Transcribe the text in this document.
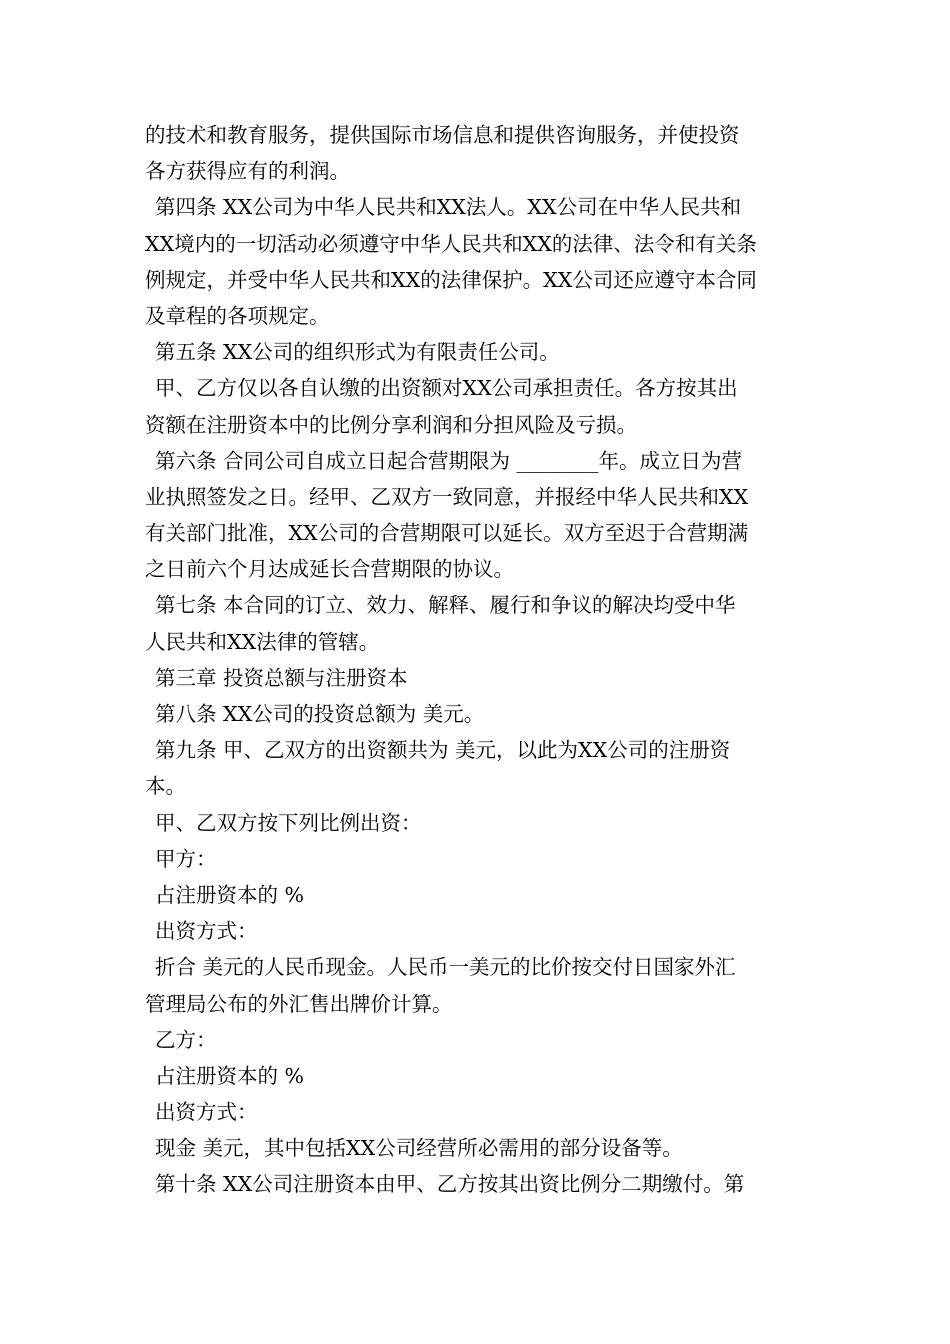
的技术和教育服务，提供国际市场信息和提供咨询服务，并使投资
各方获得应有的利润。
第四条 XX公司为中华人民共和XX法人。XX公司在中华人民共和
XX境内的一切活动必须遵守中华人民共和XX的法律、法令和有关条
例规定，并受中华人民共和XX的法律保护。XX公司还应遵守本合同
及章程的各项规定。
第五条 XX公司的组织形式为有限责任公司。
甲、乙方仅以各自认缴的出资额对XX公司承担责任。各方按其出
资额在注册资本中的比例分享利润和分担风险及亏损。
第六条 合同公司自成立日起合营期限为 ________年。成立日为营
业执照签发之日。经甲、乙双方一致同意，并报经中华人民共和XX
有关部门批准，XX公司的合营期限可以延长。双方至迟于合营期满
之日前六个月达成延长合营期限的协议。
第七条 本合同的订立、效力、解释、履行和争议的解决均受中华
人民共和XX法律的管辖。
第三章 投资总额与注册资本
第八条 XX公司的投资总额为 美元。
第九条 甲、乙双方的出资额共为 美元，以此为XX公司的注册资
本。
甲、乙双方按下列比例出资：
甲方：
占注册资本的 %
出资方式：
折合 美元的人民币现金。人民币一美元的比价按交付日国家外汇
管理局公布的外汇售出牌价计算。
乙方：
占注册资本的 %
出资方式：
现金 美元，其中包括XX公司经营所必需用的部分设备等。
第十条 XX公司注册资本由甲、乙方按其出资比例分二期缴付。第
